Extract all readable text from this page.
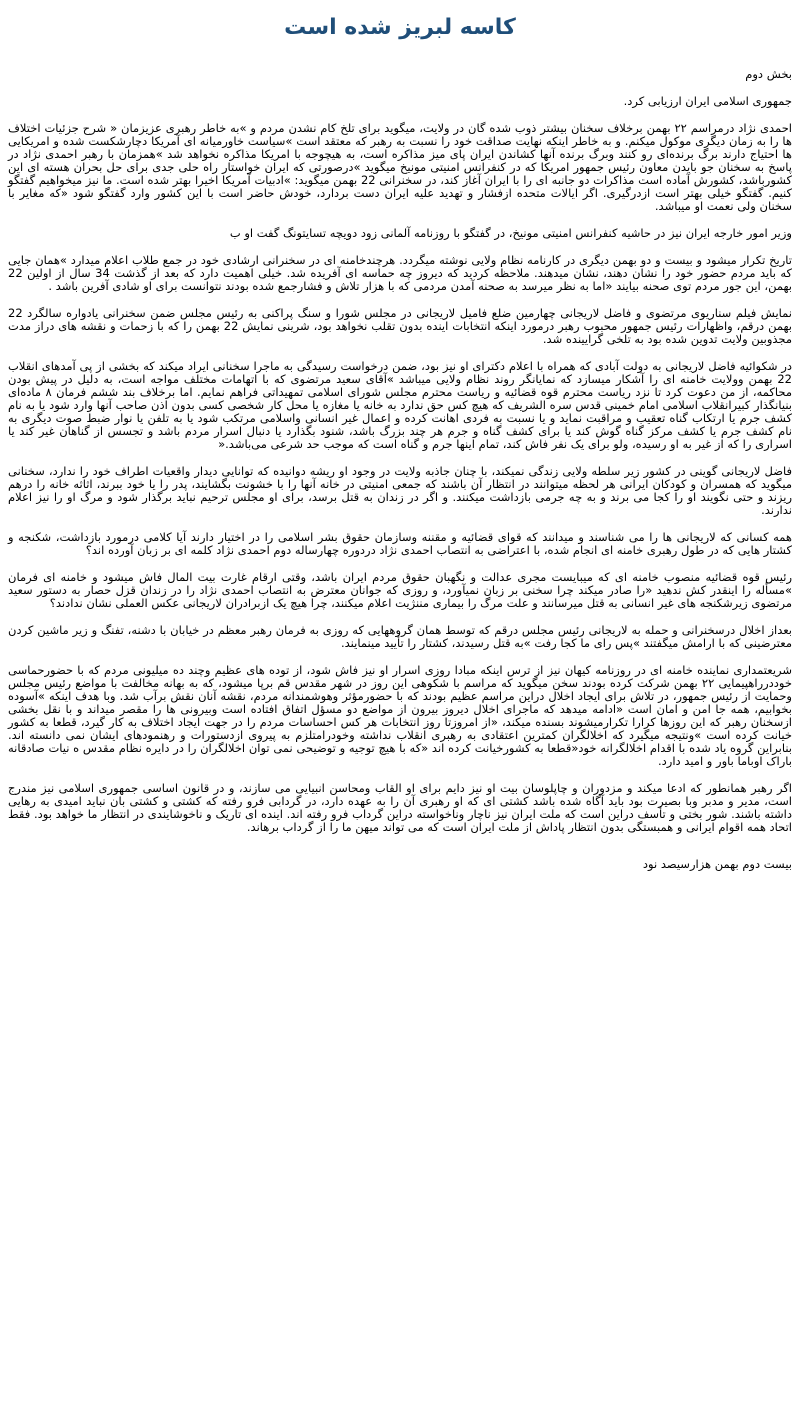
کاسه لبریز شده است

بخش دوم

جمهوری اسلامی ایران ارزیابی کرد.

احمدی نژاد درمراسم ۲۲ بهمن برخلاف سخنان بیشتر ذوب شده گان در ولایت، میگوید برای تلخ کام نشدن مردم و »به خاطر رهبری عزیزمان « شرح جزئیات اختلاف ها را به زمان دیگری موکول میکنم. و به خاطر اینکه نهایت صداقت خود را نسبت به رهبر که معتقد است »سیاست خاورمیانه ای آمریکا دچارشکست شده و امریکایی ها احتیاج دارند برگ برنده‌ای رو کنند وبرگ برنده آنها کشاندن ایران پای میز مذاکره است، به هیچوجه با امریکا مذاکره نخواهد شد »همزمان با رهبر احمدی نژاد در پاسخ به سخنان جو بایدن معاون رئیس جمهور امریکا که در کنفرانس امنیتی مونیخ میگوید »درصورتی که ایران خواستار راه حلی جدی برای حل بحران هسته ای این کشورباشد، کشورش آماده است مذاکرات دو جانبه ای را با ایران آغاز کند، در سخنرانی 22 بهمن میگوید: »ادبیات آمریکا اخیرا بهتر شده است. ما نیز میخواهیم گفتگو کنیم. گفتگو خیلی بهتر است ازدرگیری. اگر ایالات متحده ازفشار و تهدید علیه ایران دست بردارد، خودش حاضر است با این کشور وارد گفتگو شود «که مغایر با سخنان ولی نعمت او میباشد.

وزیر امور خارجه ایران نیز در حاشیه کنفرانس امنیتی مونیخ، در گفتگو با روزنامه آلمانی زود دویچه تسایتونگ گفت او ب

تاریخ تکرار میشود و بیست و دو بهمن دیگری در کارنامه نظام ولایی نوشته میگردد. هرچندخامنه ای در سخنرانی ارشادی خود در جمع طلاب اعلام میدارد »همان جایی که باید مردم حضور خود را نشان دهند، نشان میدهند. ملاحظه کردید که دیروز چه حماسه ای آفریده شد. خیلی اهمیت دارد که بعد از گذشت 34 سال از اولین 22 بهمن، این جور مردم توی صحنه بیایند «اما به نظر میرسد به صحنه آمدن مردمی که با هزار تلاش و فشارجمع شده بودند نتوانست برای او شادی آفرین باشد .

نمایش فیلم سناریوی مرتضوی و فاضل لاریجانی چهارمین ضلع فامیل لاریجانی در مجلس شورا و سنگ پراکنی به رئیس مجلس ضمن سخنرانی یادواره سالگرد 22 بهمن درقم، واظهارات رئیس جمهور محبوب رهبر درمورد اینکه انتخابات اینده بدون تقلب نخواهد بود، شرینی نمایش 22 بهمن را که با زحمات و نقشه های دراز مدت مجذوبین ولایت تدوین شده بود به تلخی گرایینده شد.

در شکوائیه فاضل لاریجانی به دولت آبادی که همراه با اعلام دکترای او نیز بود، ضمن درخواست رسیدگی به ماجرا سخنانی ایراد میکند که بخشی از پی آمدهای انقلاب 22 بهمن وولایت خامنه ای را آشکار میسازد که نمایانگر روند نظام ولایی میباشد »آقای سعید مرتضوی که با اتهامات مختلف مواجه است، به دلیل در پیش بودن محاکمه، از من دعوت کرد تا نزد ریاست محترم قوه قضائیه و ریاست محترم مجلس شورای اسلامی تمهیداتی فراهم نمایم. اما برخلاف بند ششم فرمان ۸ ماده‌ای بنیانگذار کبیرانقلاب اسلامی امام خمینی قدس سره الشریف که هیچ کس حق ندارد به خانه یا مغازه یا محل کار شخصی کسی بدون اذن صاحب آنها وارد شود یا به نام کشف جرم یا ارتکاب گناه تعقیب و مراقبت نماید و یا نسبت به فردی اهانت کرده و اعمال غیر انسانی واسلامی مرتکب شود یا به تلفن یا نوار ضبط صوت دیگری به نام کشف جرم یا کشف مرکز گناه گوش کند یا برای کشف گناه و جرم هر چند بزرگ باشد، شنود بگذارد یا دنبال اسرار مردم باشد و تجسس از گناهان غیر کند یا اسراری را که از غیر به او رسیده، ولو برای یک نفر فاش کند، تمام اینها جرم و گناه است که موجب حد شرعی می‌باشد.«

فاضل لاریجانی گوینی در کشور زیر سلطه ولایی زندگی نمیکند، با چنان جاذبه ولایت در وجود او ریشه دوانیده که توانایی دیدار واقعیات اطراف خود را ندارد، سخنانی میگوید که همسران و کودکان ایرانی هر لحظه میتوانند در انتظار آن باشند که جمعی امنیتی در خانه آنها را با خشونت بگشایند، پدر را یا خود ببرند، اثاثه خانه را درهم ریزند و حتی نگویند او را کجا می برند و به چه جرمی بازداشت میکنند. و اگر در زندان به قتل برسد، برای او مجلس ترحیم نباید برگذار شود و مرگ او را نیز اعلام ندارند.

همه کسانی که لاریجانی ها را می شناسند و میدانند که قوای قضائیه و مقننه وسازمان حقوق بشر اسلامی را در اختیار دارند آیا کلامی درمورد بازداشت، شکنجه و کشتار هایی که در طول رهبری خامنه ای انجام شده، با اعتراضی به انتصاب احمدی نژاد دردوره چهارساله دوم احمدی نژاد کلمه ای بر زبان آورده اند؟

رئیس قوه قضائیه منصوب خامنه ای که میبایست مجری عدالت و نگهبان حقوق مردم ایران باشد، وقتی ارقام غارت بیت المال فاش میشود و خامنه ای فرمان »مسأله را اینقدر کش ندهید «را صادر میکند چرا سخنی بر زبان نمیآورد، و روزی که جوانان معترض به انتصاب احمدی نژاد را در زندان قزل حصار به دستور سعید مرتضوی زیرشکنجه های غیر انسانی به قتل میرسانند و علت مرگ را بیماری مننژیت اعلام میکنند، چرا هیچ یک ازبرادران لاریجانی عکس العملی نشان ندادند؟

بعداز اخلال درسخنرانی و حمله به لاریجانی رئیس مجلس درقم که توسط همان گروههایی که روزی به فرمان رهبر معظم در خیابان با دشنه، تفنگ و زیر ماشین کردن معترضینی که با ارامش میگفتند »پس رای ما کجا رفت »به قتل رسیدند، کشتار را تأیید مینمایند.

شریعتمداری نماینده خامنه ای در روزنامه کیهان نیز از ترس اینکه مبادا روزی اسرار او نیز فاش شود، از توده های عظیم وچند ده میلیونی مردم که با حضورحماسی خوددرراهپیمایی ۲۲ بهمن شرکت کرده بودند سخن میگوید که مراسم با شکوهی این روز در شهر مقدس قم برپا میشود، که به بهانه مخالفت با مواضع رئیس مجلس وحمایت از رئیس جمهور، در تلاش برای ایجاد اخلال دراین مراسم عظیم بودند که با حضورمؤثر وهوشمندانه مردم، نقشه آنان نقش برآب شد. وبا هدف اینکه »آسوده بخوابیم، همه جا امن و امان است «ادامه میدهد که ماجرای اخلال دیروز بیرون از مواضع دو مسؤل اتفاق افتاده است وبیرونی ها را مقصر میداند و با نقل بخشی ازسخنان رهبر که این روزها کرارا تکرارمیشوند بسنده میکند، «از امروزتا روز انتخابات هر کس احساسات مردم را در جهت ایجاد اختلاف به کار گیرد، قطعا به کشور خیانت کرده است »ونتیجه میگیرد که اخلالگران کمترین اعتقادی به رهبری انقلاب نداشته وخودرامتلزم به پیروی ازدستورات و رهنمودهای ایشان نمی دانسته اند. بنابراین گروه یاد شده با اقدام اخلالگرانه خود«قطعا به کشورخیانت کرده اند «که با هیچ توجیه و توضیحی نمی توان اخلالگران را در دایره نظام مقدس ه نیات صادقانه باراک اوباما باور و امید دارد.

اگر رهبر همانطور که ادعا میکند و مزدوران و چاپلوسان بیت او نیز دایم برای او القاب ومحاسن انبیایی می سازند، و در قانون اساسی جمهوری اسلامی نیز مندرج است، مدیر و مدبر وبا بصیرت بود باید آگاه شده باشد کشتی ای که او رهبری آن را به عهده دارد، در گردابی فرو رفته که کشتی و کشتی بان نباید امیدی به رهایی داشته باشند. شور بختی و تأسف دراین است که ملت ایران نیز ناچار وناخواسته دراین گرداب فرو رفته اند. اینده ای تاریک و ناخوشایندی در انتظار ما خواهد بود. فقط اتحاد همه اقوام ایرانی و همبستگی بدون انتظار پاداش از ملت ایران است که می تواند میهن ما را از گرداب برهاند.

بیست دوم بهمن هزارسیصد نود
